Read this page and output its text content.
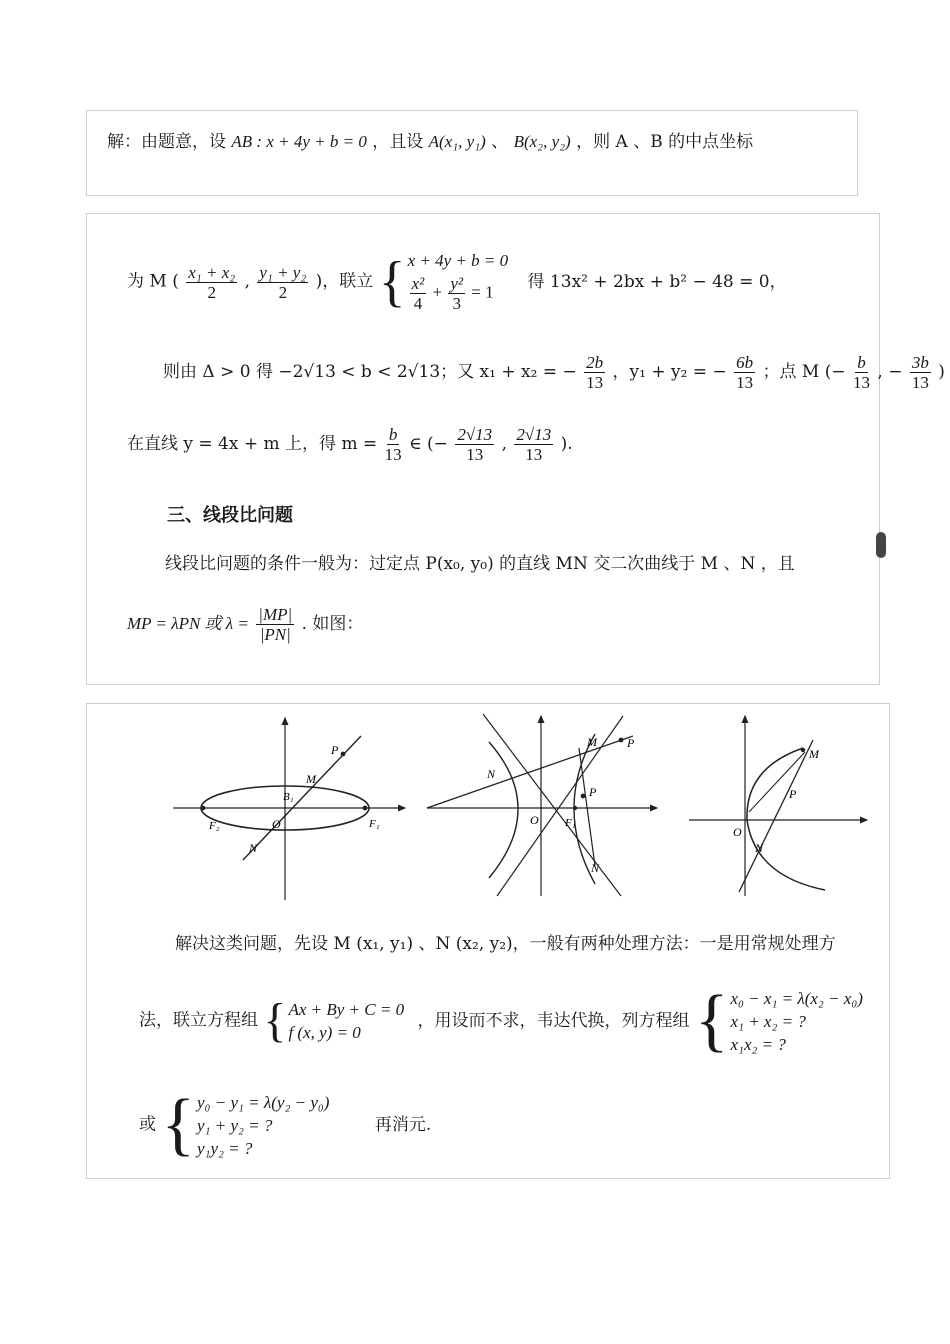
解：由题意，设 AB : x + 4y + b = 0 ，且设 A(x₁, y₁) 、 B(x₂, y₂) ，则 A 、B 的中点坐标
为 M ( $\frac{\text{x₁ + x₂}}{2}$ , $\frac{\text{y₁ + y₂}}{2}$ )，联立 { x + 4y + b = 0
$\frac{\text{x²}}{4} + \frac{\text{y²}}{3} = 1$
得 13x² + 2bx + b² − 48 = 0，
则由 Δ > 0 得 −2√13 < b < 2√13；又 x₁ + x₂ = − $\frac{2b}{13}$ ，y₁ + y₂ = − $\frac{6b}{13}$ ；点 M (− $\frac{b}{13}$ , − $\frac{3b}{13}$ )
在直线 y = 4x + m 上，得 $m = \frac{b}{13}$ ∈ (− $\frac{2√13}{13}$ , $\frac{2√13}{13}$ ).
三、线段比问题
线段比问题的条件一般为：过定点 P(x₀, y₀) 的直线 MN 交二次曲线于 M 、N ，且
MP = λPN 或 $\lambda = \frac{|MP|}{|PN|}$ . 如图：
P
M
B₁
F₂	O	F₁
N
M	P
N
P
O F₁
N
M
P
O
N
解决这类问题，先设 M (x₁, y₁) 、N (x₂, y₂)，一般有两种处理方法：一是用常规处理方
法，联立方程组 { Ax + By + C = 0
f (x, y) = 0
，用设而不求，韦达代换，列方程组 { x₀ − x₁ = λ(x₂ − x₀)
x₁ + x₂ = ?
x₁x₂ = ?
或 { y₀ − y₁ = λ(y₂ − y₀)
y₁ + y₂ = ?
y₁y₂ = ?
再消元.
